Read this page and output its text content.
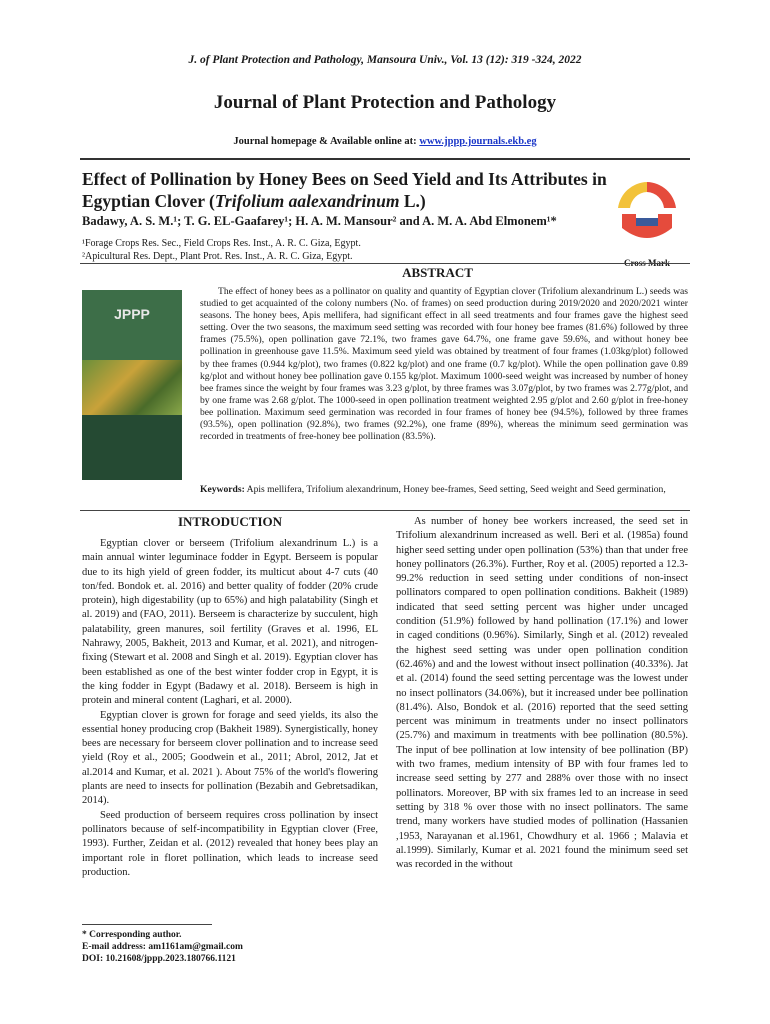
J. of Plant Protection and Pathology, Mansoura Univ., Vol. 13 (12): 319 -324, 2022
Journal of Plant Protection and Pathology
Journal homepage & Available online at: www.jppp.journals.ekb.eg
Effect of Pollination by Honey Bees on Seed Yield and Its Attributes in Egyptian Clover (Trifolium aalexandrinum L.)
Badawy, A. S. M.¹; T. G. EL-Gaafarey¹; H. A. M. Mansour² and A. M. A. Abd Elmonem¹*
Cross Mark
¹Forage Crops Res. Sec., Field Crops Res. Inst., A. R. C. Giza, Egypt.
²Apicultural Res. Dept., Plant Prot. Res. Inst., A. R. C. Giza, Egypt.
ABSTRACT
JPPP

The effect of honey bees as a pollinator on quality and quantity of Egyptian clover (Trifolium alexandrinum L.) seeds was studied to get acquainted of the colony numbers (No. of frames) on seed production during 2019/2020 and 2020/2021 winter seasons. The honey bees, Apis mellifera, had significant effect in all seed treatments and four frames gave the highest seed setting. Over the two seasons, the maximum seed setting was recorded with four honey bee frames (81.6%) followed by three frames (75.5%), open pollination gave 72.1%, two frames gave 64.7%, one frame gave 59.6%, and without honey bee pollination in greenhouse gave 11.5%. Maximum seed yield was obtained by treatment of four frames (1.03kg/plot) followed by thee frames (0.944 kg/plot), two frames (0.822 kg/plot) and one frame (0.7 kg/plot). While the open pollination gave 0.89 kg/plot and without honey bee pollination gave 0.155 kg/plot. Maximum 1000-seed weight was increased by number of honey bee frames since the weight by four frames was 3.23 g/plot, by three frames was 3.07g/plot, by two frames was 2.77g/plot, and by one frame was 2.68 g/plot. The 1000-seed in open pollination treatment weighted 2.95 g/plot and 2.60 g/plot in free-honey bee pollination. Maximum seed germination was recorded in four frames of honey bee (94.5%), followed by three frames (93.5%), open pollination (92.8%), two frames (92.2%), one frame (89%), whereas the minimum seed germination was recorded in treatments of free-honey bee pollination (83.5%).

Keywords: Apis mellifera, Trifolium alexandrinum, Honey bee-frames, Seed setting, Seed weight and Seed germination,
INTRODUCTION

Egyptian clover or berseem (Trifolium alexandrinum L.) is a main annual winter leguminace fodder in Egypt. Berseem is popular due to its high yield of green fodder, its multicut about 4-7 cuts (40 ton/fed. Bondok et. al. 2016) and better quality of fodder (20% crude protein), high digestability (up to 65%) and high palatability (Singh et al. 2019) and (FAO, 2011). Berseem is characterize by succulent, high palatability, green manures, soil fertility (Graves et al. 1996, EL Nahrawy, 2005, Bakheit, 2013 and Kumar, et al. 2021), and nitrogen- fixing (Stewart et al. 2008 and Singh et al. 2019). Egyptian clover has been established as one of the best winter fodder crop in Egypt, it is the king fodder in Egypt (Badawy et al. 2018). Berseem is high in protein and mineral content (Laghari, et al. 2000).

Egyptian clover is grown for forage and seed yields, its also the essential honey producing crop (Bakheit 1989). Synergistically, honey bees are necessary for berseem clover pollination and to increase seed yield (Roy et al., 2005; Goodwein et al., 2011; Abrol, 2012, Jat et al.2014 and Kumar, et al. 2021 ). About 75% of the world's flowering plants are need to insects for pollination (Bezabih and Gebretsadikan, 2014).

Seed production of berseem requires cross pollination by insect pollinators because of self-incompatibility in Egyptian clover (Free, 1993). Further, Zeidan et al. (2012) revealed that honey bees play an important role in floret pollination, which leads to increase seed production.

As number of honey bee workers increased, the seed set in Trifolium alexandrinum increased as well. Beri et al. (1985a) found higher seed setting under open pollination (53%) than that under free honey pollinators (26.3%). Further, Roy et al. (2005) reported a 12.3- 99.2% reduction in seed setting under conditions of non-insect pollinators compared to open pollination conditions. Bakheit (1989) indicated that seed setting percent was higher under uncaged condition (51.9%) followed by hand pollination (17.1%) and lower in caged conditions (0.96%). Similarly, Singh et al. (2012) revealed the highest seed setting was under open pollination condition (62.46%) and and the lowest without insect pollination (40.33%). Jat et al. (2014) found the seed setting percentage was the lowest under no insect pollinators (34.06%), but it increased under bee pollination (81.4%). Also, Bondok et al. (2016) reported that the seed setting percent was minimum in treatments under no insect pollinators (25.7%) and maximum in treatments with bee pollination (80.5%). The input of bee pollination at low intensity of bee pollination (BP) with two frames, medium intensity of BP with four frames led to increase seed setting by 277 and 288% over those with no insect pollinators. Moreover, BP with six frames led to an increase in seed setting by 318 % over those with no insect pollinators. The same trend, many workers have studied modes of pollination (Hassanien ,1953, Narayanan et al.1961, Chowdhury et al. 1966 ; Malavia et al.1999). Similarly, Kumar et al. 2021 found the minimum seed set was recorded in the without

* Corresponding author.
E-mail address: am1161am@gmail.com
DOI: 10.21608/jppp.2023.180766.1121
